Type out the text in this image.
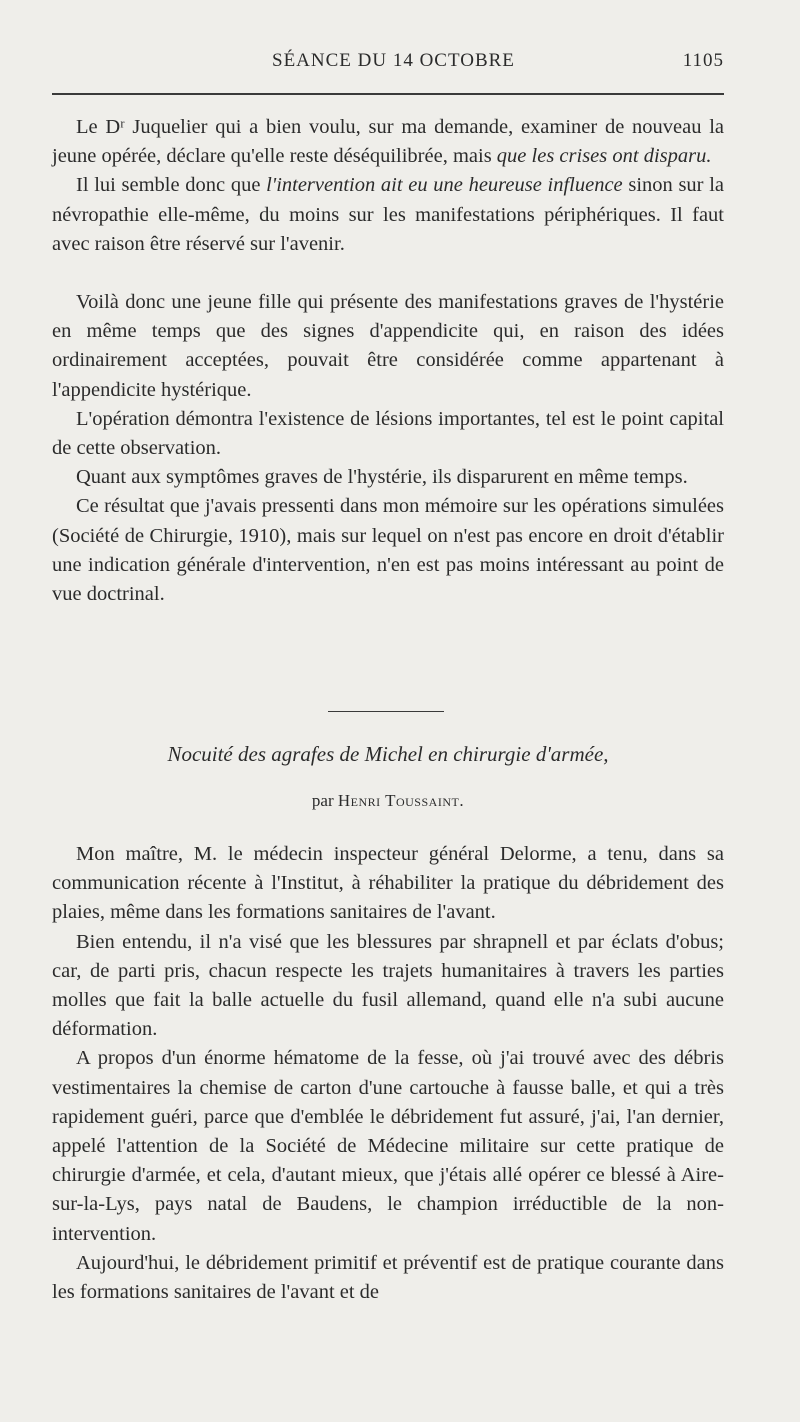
SÉANCE DU 14 OCTOBRE	1105

Le Dʳ Juquelier qui a bien voulu, sur ma demande, examiner de nouveau la jeune opérée, déclare qu'elle reste déséquilibrée, mais que les crises ont disparu.

Il lui semble donc que l'intervention ait eu une heureuse influence sinon sur la névropathie elle-même, du moins sur les manifestations périphériques. Il faut avec raison être réservé sur l'avenir.

Voilà donc une jeune fille qui présente des manifestations graves de l'hystérie en même temps que des signes d'appendicite qui, en raison des idées ordinairement acceptées, pouvait être considérée comme appartenant à l'appendicite hystérique.

L'opération démontra l'existence de lésions importantes, tel est le point capital de cette observation.

Quant aux symptômes graves de l'hystérie, ils disparurent en même temps.

Ce résultat que j'avais pressenti dans mon mémoire sur les opérations simulées (Société de Chirurgie, 1910), mais sur lequel on n'est pas encore en droit d'établir une indication générale d'intervention, n'en est pas moins intéressant au point de vue doctrinal.

Nocuité des agrafes de Michel en chirurgie d'armée,
par Henri Toussaint.

Mon maître, M. le médecin inspecteur général Delorme, a tenu, dans sa communication récente à l'Institut, à réhabiliter la pratique du débridement des plaies, même dans les formations sanitaires de l'avant.

Bien entendu, il n'a visé que les blessures par shrapnell et par éclats d'obus; car, de parti pris, chacun respecte les trajets humanitaires à travers les parties molles que fait la balle actuelle du fusil allemand, quand elle n'a subi aucune déformation.

A propos d'un énorme hématome de la fesse, où j'ai trouvé avec des débris vestimentaires la chemise de carton d'une cartouche à fausse balle, et qui a très rapidement guéri, parce que d'emblée le débridement fut assuré, j'ai, l'an dernier, appelé l'attention de la Société de Médecine militaire sur cette pratique de chirurgie d'armée, et cela, d'autant mieux, que j'étais allé opérer ce blessé à Aire-sur-la-Lys, pays natal de Baudens, le champion irréductible de la non-intervention.

Aujourd'hui, le débridement primitif et préventif est de pratique courante dans les formations sanitaires de l'avant et de
